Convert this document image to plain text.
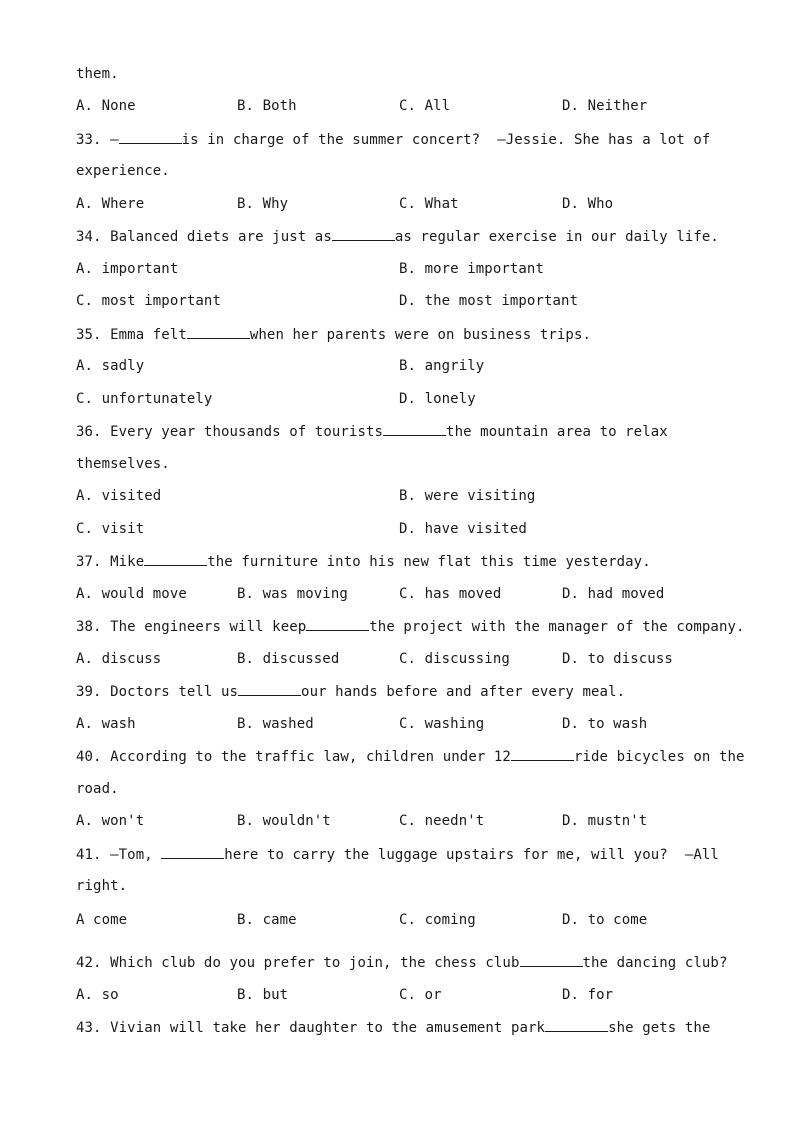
them.
A. None	B. Both	C. All	D. Neither
33. —	is in charge of the summer concert?  —Jessie. She has a lot of
experience.
A. Where	B. Why	C. What	D. Who
34. Balanced diets are just as	as regular exercise in our daily life.
A. important	B. more important
C. most important	D. the most important
35. Emma felt	when her parents were on business trips.
A. sadly	B. angrily
C. unfortunately	D. lonely
36. Every year thousands of tourists	the mountain area to relax
themselves.
A. visited	B. were visiting
C. visit	D. have visited
37. Mike	the furniture into his new flat this time yesterday.
A. would move	B. was moving	C. has moved	D. had moved
38. The engineers will keep	the project with the manager of the company.
A. discuss	B. discussed	C. discussing	D. to discuss
39. Doctors tell us	our hands before and after every meal.
A. wash	B. washed	C. washing	D. to wash
40. According to the traffic law, children under 12	ride bicycles on the
road.
A. won't	B. wouldn't	C. needn't	D. mustn't
41. —Tom,	here to carry the luggage upstairs for me, will you?  —All
right.
A come	B. came	C. coming	D. to come
42. Which club do you prefer to join, the chess club	the dancing club?
A. so	B. but	C. or	D. for
43. Vivian will take her daughter to the amusement park	she gets the
